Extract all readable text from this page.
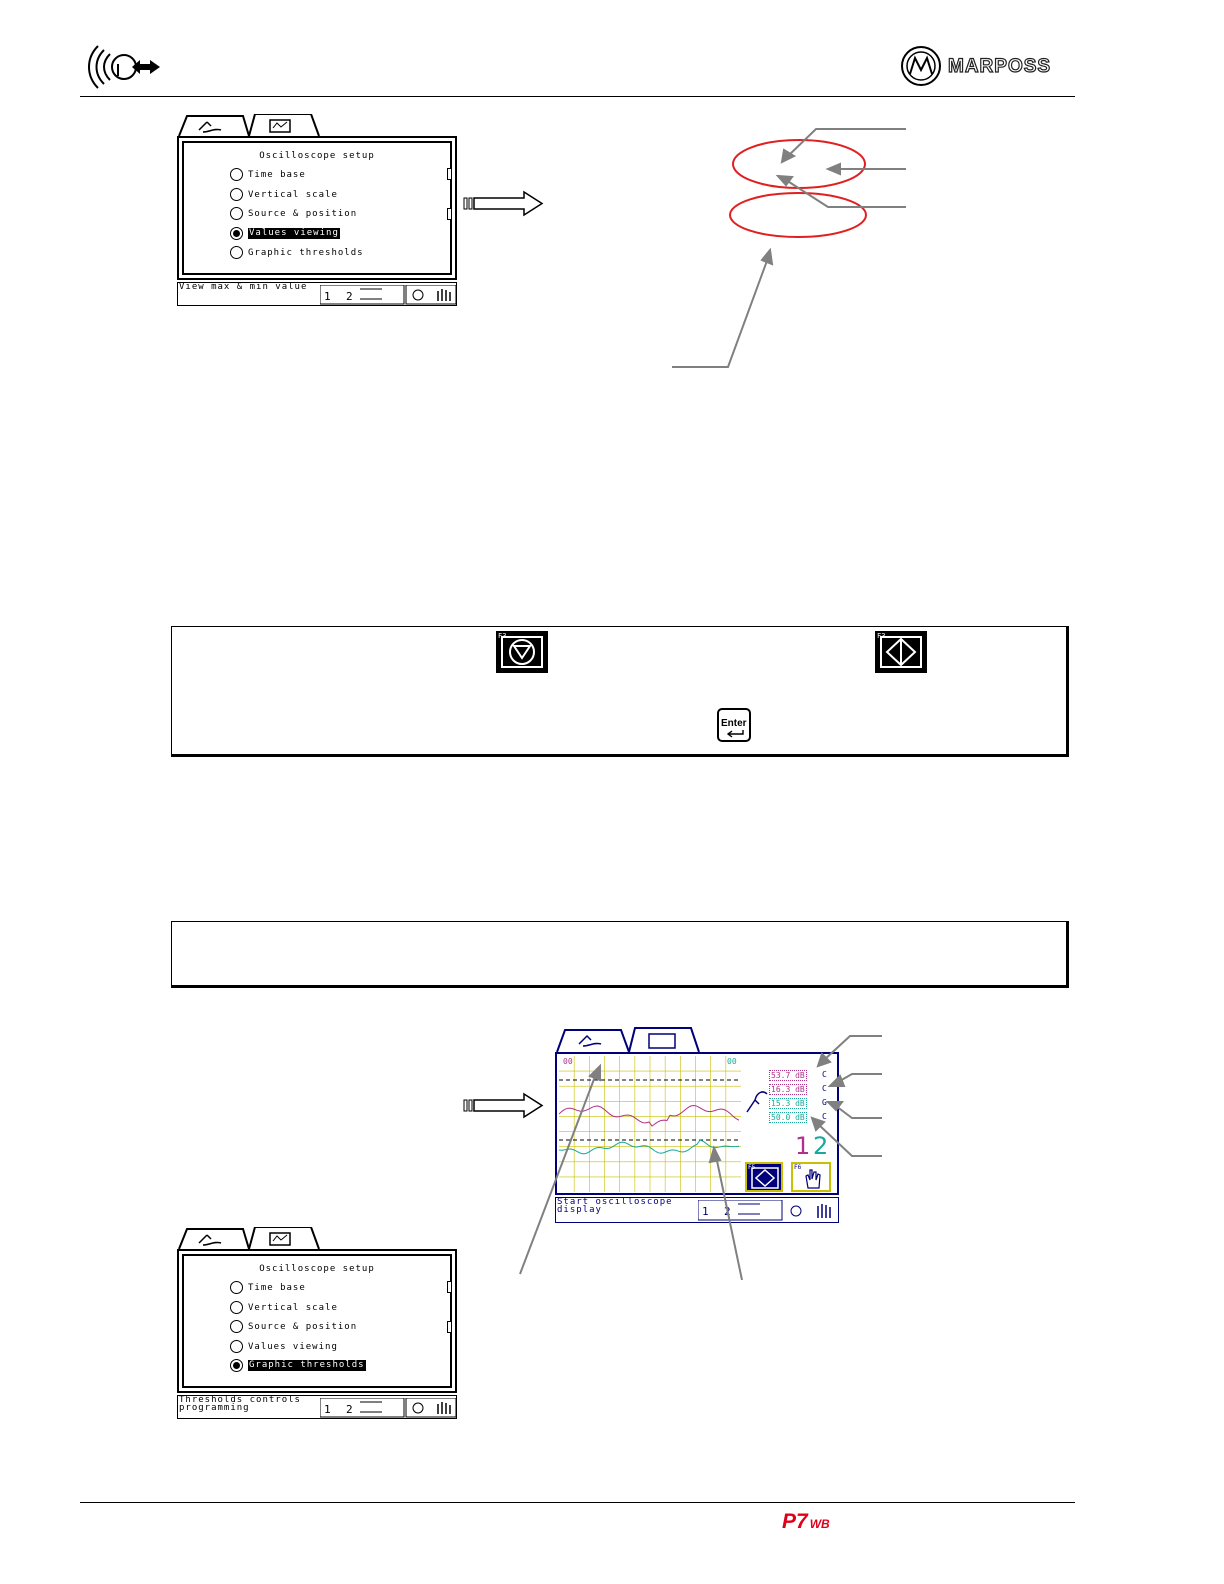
MARPOSS
Oscilloscope setup
Time base
Vertical scale
Source & position
Values viewing
Graphic thresholds
View max & min value
1 2
F3	F3
Enter
00	00
53.7 dB C
16.3 dB C
15.3 dB G
50.0 dB C
1 2
F5	F6
Start oscilloscope
display	1 2
Oscilloscope setup
Time base
Vertical scale
Source & position
Values viewing
Graphic thresholds
Thresholds controls
programming	1 2
P7 WB
